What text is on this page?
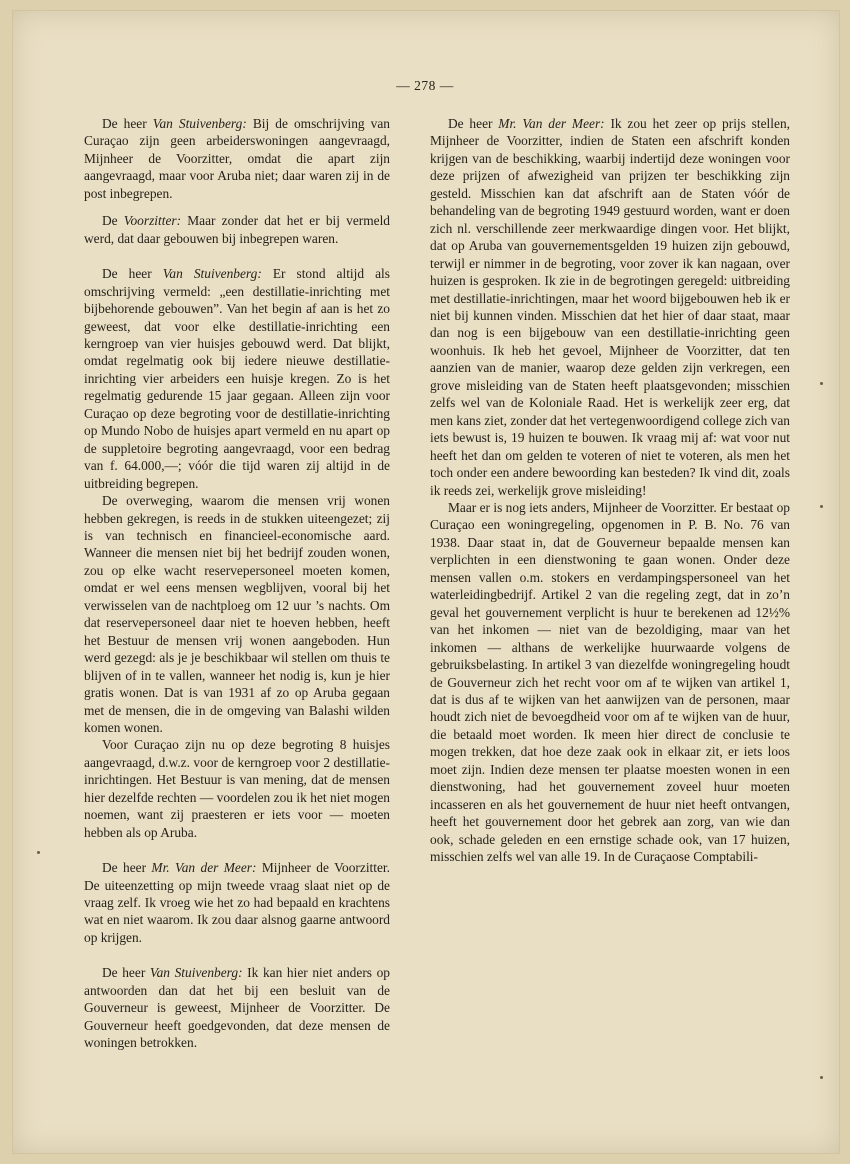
— 278 —

De heer Van Stuivenberg: Bij de omschrijving van Curaçao zijn geen arbeiderswoningen aangevraagd, Mijnheer de Voorzitter, omdat die apart zijn aangevraagd, maar voor Aruba niet; daar waren zij in de post inbegrepen.

De Voorzitter: Maar zonder dat het er bij vermeld werd, dat daar gebouwen bij inbegrepen waren.

De heer Van Stuivenberg: Er stond altijd als omschrijving vermeld: „een destillatie-inrichting met bijbehorende gebouwen”. Van het begin af aan is het zo geweest, dat voor elke destillatie-inrichting een kerngroep van vier huisjes gebouwd werd. Dat blijkt, omdat regelmatig ook bij iedere nieuwe destillatie-inrichting vier arbeiders een huisje kregen. Zo is het regelmatig gedurende 15 jaar gegaan. Alleen zijn voor Curaçao op deze begroting voor de destillatie-inrichting op Mundo Nobo de huisjes apart vermeld en nu apart op de suppletoire begroting aangevraagd, voor een bedrag van f. 64.000,—; vóór die tijd waren zij altijd in de uitbreiding begrepen.

De overweging, waarom die mensen vrij wonen hebben gekregen, is reeds in de stukken uiteengezet; zij is van technisch en financieel-economische aard. Wanneer die mensen niet bij het bedrijf zouden wonen, zou op elke wacht reservepersoneel moeten komen, omdat er wel eens mensen wegblijven, vooral bij het verwisselen van de nachtploeg om 12 uur ’s nachts. Om dat reservepersoneel daar niet te hoeven hebben, heeft het Bestuur de mensen vrij wonen aangeboden. Hun werd gezegd: als je je beschikbaar wil stellen om thuis te blijven of in te vallen, wanneer het nodig is, kun je hier gratis wonen. Dat is van 1931 af zo op Aruba gegaan met de mensen, die in de omgeving van Balashi wilden komen wonen.

Voor Curaçao zijn nu op deze begroting 8 huisjes aangevraagd, d.w.z. voor de kerngroep voor 2 destillatie-inrichtingen. Het Bestuur is van mening, dat de mensen hier dezelfde rechten — voordelen zou ik het niet mogen noemen, want zij praesteren er iets voor — moeten hebben als op Aruba.

De heer Mr. Van der Meer: Mijnheer de Voorzitter. De uiteenzetting op mijn tweede vraag slaat niet op de vraag zelf. Ik vroeg wie het zo had bepaald en krachtens wat en niet waarom. Ik zou daar alsnog gaarne antwoord op krijgen.

De heer Van Stuivenberg: Ik kan hier niet anders op antwoorden dan dat het bij een besluit van de Gouverneur is geweest, Mijnheer de Voorzitter. De Gouverneur heeft goedgevonden, dat deze mensen de woningen betrokken.

De heer Mr. Van der Meer: Ik zou het zeer op prijs stellen, Mijnheer de Voorzitter, indien de Staten een afschrift konden krijgen van de beschikking, waarbij indertijd deze woningen voor deze prijzen of afwezigheid van prijzen ter beschikking zijn gesteld. Misschien kan dat afschrift aan de Staten vóór de behandeling van de begroting 1949 gestuurd worden, want er doen zich nl. verschillende zeer merkwaardige dingen voor. Het blijkt, dat op Aruba van gouvernementsgelden 19 huizen zijn gebouwd, terwijl er nimmer in de begroting, voor zover ik kan nagaan, over huizen is gesproken. Ik zie in de begrotingen geregeld: uitbreiding met destillatie-inrichtingen, maar het woord bijgebouwen heb ik er niet bij kunnen vinden. Misschien dat het hier of daar staat, maar dan nog is een bijgebouw van een destillatie-inrichting geen woonhuis. Ik heb het gevoel, Mijnheer de Voorzitter, dat ten aanzien van de manier, waarop deze gelden zijn verkregen, een grove misleiding van de Staten heeft plaatsgevonden; misschien zelfs wel van de Koloniale Raad. Het is werkelijk zeer erg, dat men kans ziet, zonder dat het vertegenwoordigend college zich van iets bewust is, 19 huizen te bouwen. Ik vraag mij af: wat voor nut heeft het dan om gelden te voteren of niet te voteren, als men het toch onder een andere bewoording kan besteden? Ik vind dit, zoals ik reeds zei, werkelijk grove misleiding!

Maar er is nog iets anders, Mijnheer de Voorzitter. Er bestaat op Curaçao een woningregeling, opgenomen in P. B. No. 76 van 1938. Daar staat in, dat de Gouverneur bepaalde mensen kan verplichten in een dienstwoning te gaan wonen. Onder deze mensen vallen o.m. stokers en verdampingspersoneel van het waterleidingbedrijf. Artikel 2 van die regeling zegt, dat in zo’n geval het gouvernement verplicht is huur te berekenen ad 12½% van het inkomen — niet van de bezoldiging, maar van het inkomen — althans de werkelijke huurwaarde volgens de gebruiksbelasting. In artikel 3 van diezelfde woningregeling houdt de Gouverneur zich het recht voor om af te wijken van artikel 1, dat is dus af te wijken van het aanwijzen van de personen, maar houdt zich niet de bevoegdheid voor om af te wijken van de huur, die betaald moet worden. Ik meen hier direct de conclusie te mogen trekken, dat hoe deze zaak ook in elkaar zit, er iets loos moet zijn. Indien deze mensen ter plaatse moesten wonen in een dienstwoning, had het gouvernement zoveel huur moeten incasseren en als het gouvernement de huur niet heeft ontvangen, heeft het gouvernement door het gebrek aan zorg, van wie dan ook, schade geleden en een ernstige schade ook, van 17 huizen, misschien zelfs wel van alle 19. In de Curaçaose Comptabili-
